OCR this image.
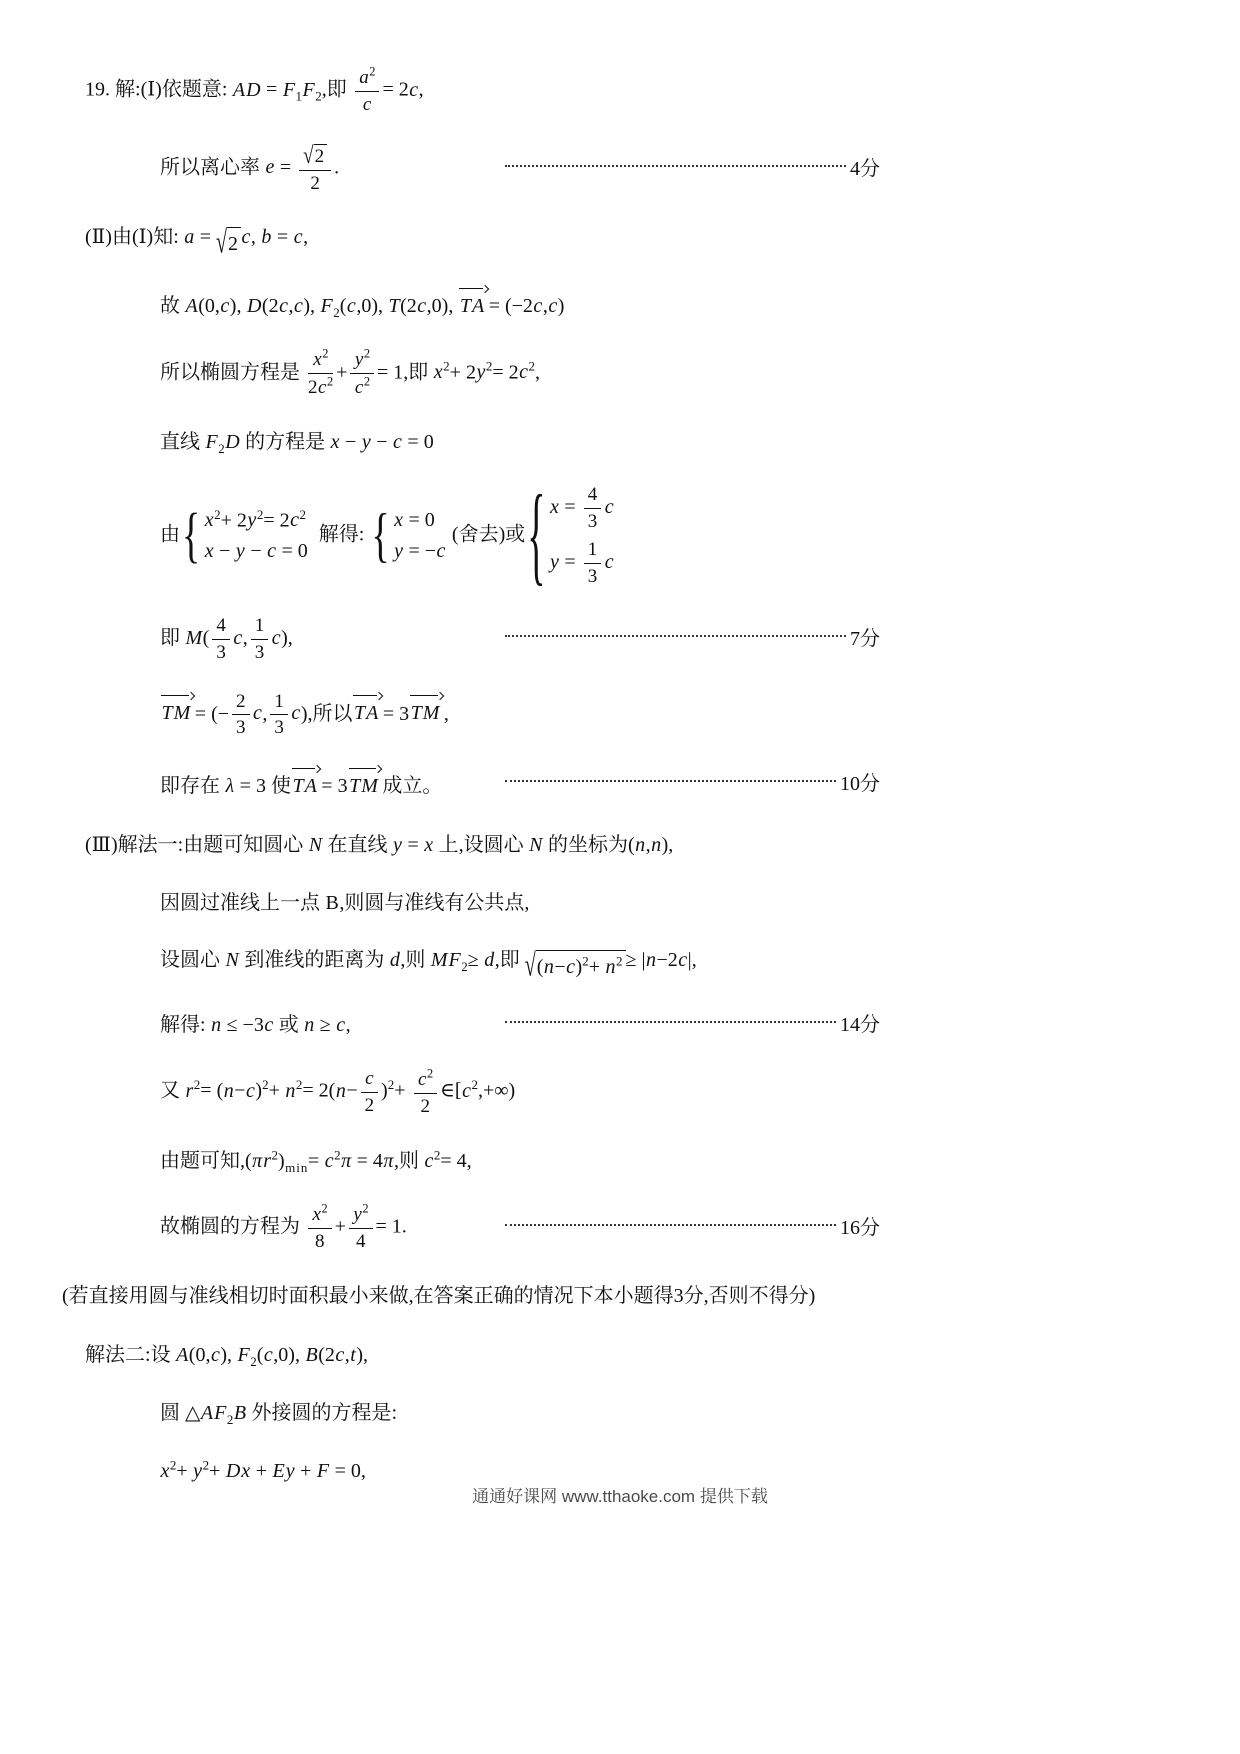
19. 解:(Ⅰ)依题意: AD = $F_1F_2$,即 $\frac{a^2}{c} = 2c$,
所以离心率 $e = \frac{√ 2}{2}$ .	4分
(Ⅱ)由(Ⅰ)知: a = √ 2 c, b = c,
故 A(0,c), D(2c,c), $F_2(c,0)$, T(2c,0), TA = (−2c,c)
所以椭圆方程是 $\frac{x^2}{2c^2} + \frac{y^2}{c^2} = 1$,即 $x^2+ 2y^2= 2c^2$,
直线 $F_2D$ 的方程是 x − y − c = 0
由 { $x^2+ 2y^2= 2c^2$
x − y − c = 0
解得: { x = 0
y = −c
(舍去)或 { $x = \frac{4}{3}$ c
$y = \frac{1}{3}$ c
即 $M( \frac{4}{3} c$, $\frac{1}{3} c$),	7分
TM = (− $\frac{2}{3} c$, $\frac{1}{3} c$),所以TA = 3TM ,
即存在 λ = 3 使TA = 3TM 成立。	10分
(Ⅲ)解法一:由题可知圆心 N 在直线 y = x 上,设圆心 N 的坐标为(n,n),
因圆过准线上一点 B,则圆与准线有公共点,
设圆心 N 到准线的距离为 d,则 $MF_2\ge d$,即 √ $(n-c)^2+ n^2 \ge |n-2c|$,
解得: n ≤ −3c 或 n ≥ c,	14分
又 $r^2= (n-c)^2+ n^2= 2(n- \frac{c}{2} )^2+ \frac{c^2}{2}$ $\in[c^2,+\infty)$
由题可知$,(\pi r^2)_{min}= c^2\pi = 4\pi$,则 $c^2= 4$,
故椭圆的方程为 $\frac{x^2}{8} + \frac{y^2}{4} = 1$.	16分
(若直接用圆与准线相切时面积最小来做,在答案正确的情况下本小题得3分,否则不得分)
解法二:设 A(0,c), $F_2(c,0)$, B(2c,t),
圆 $\triangle AF_2B$ 外接圆的方程是:
$x^2+ y^2+ Dx + Ey + F = 0$,
通通好课网 www.tthaoke.com 提供下载
